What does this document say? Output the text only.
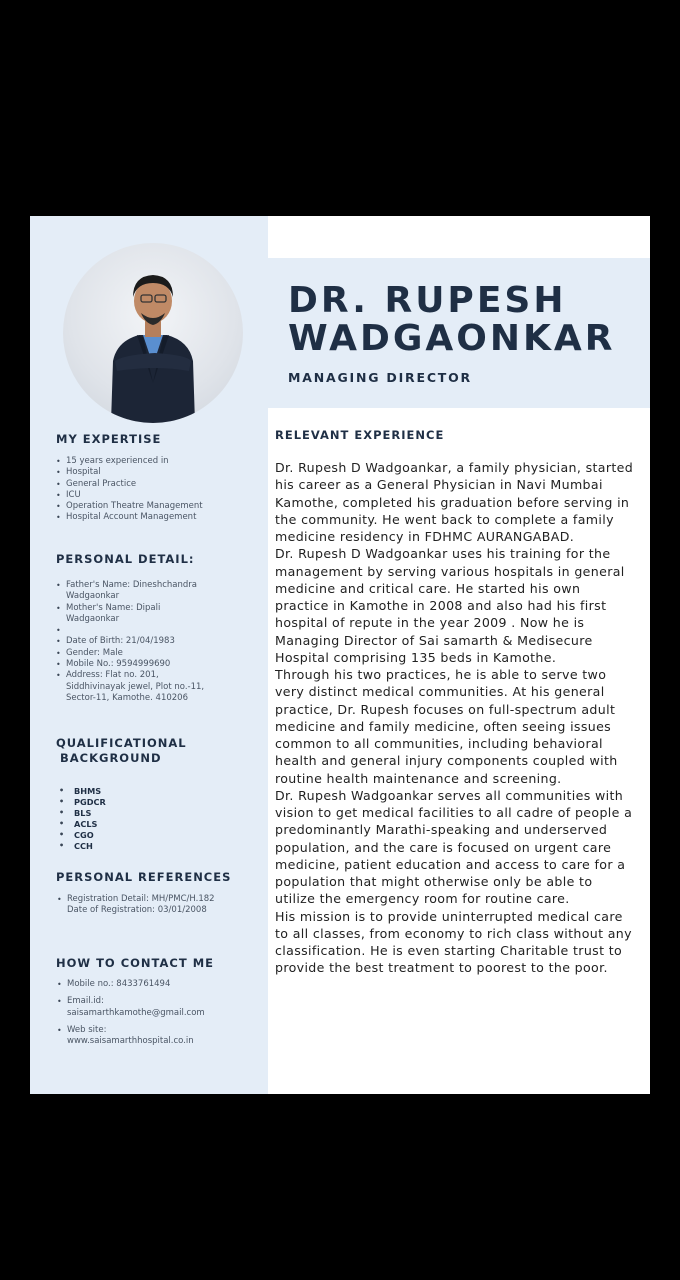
DR. RUPESH
WADGAONKAR
MANAGING DIRECTOR
MY EXPERTISE
• 15 years experienced in
• Hospital
• General Practice
• ICU
• Operation Theatre Management
• Hospital Account Management
PERSONAL DETAIL:
• Father's Name: Dineshchandra Wadgaonkar
• Mother's Name: Dipali Wadgaonkar
•
• Date of Birth: 21/04/1983
• Gender: Male
• Mobile No.: 9594999690
• Address: Flat no. 201, Siddhivinayak jewel, Plot no.-11, Sector-11, Kamothe. 410206
QUALIFICATIONAL
BACKGROUND
• BHMS
• PGDCR
• BLS
• ACLS
• CGO
• CCH
PERSONAL REFERENCES
• Registration Detail: MH/PMC/H.182
Date of Registration: 03/01/2008
HOW TO CONTACT ME
• Mobile no.: 8433761494
• Email.id:
saisamarthkamothe@gmail.com
• Web site:
www.saisamarthhospital.co.in
RELEVANT EXPERIENCE

Dr. Rupesh D Wadgoankar, a family physician, started his career as a General Physician in Navi Mumbai Kamothe, completed his graduation before serving in the community. He went back to complete a family medicine residency in FDHMC AURANGABAD.

Dr. Rupesh D Wadgoankar uses his training for the management by serving various hospitals in general medicine and critical care. He started his own practice in Kamothe in 2008 and also had his first hospital of repute in the year 2009 . Now he is Managing Director of Sai samarth & Medisecure Hospital comprising 135 beds in Kamothe.

Through his two practices, he is able to serve two very distinct medical communities. At his general practice, Dr. Rupesh focuses on full-spectrum adult medicine and family medicine, often seeing issues common to all communities, including behavioral health and general injury components coupled with routine health maintenance and screening.

Dr. Rupesh Wadgoankar serves all communities with vision to get medical facilities to all cadre of people a predominantly Marathi-speaking and underserved population, and the care is focused on urgent care medicine, patient education and access to care for a population that might otherwise only be able to utilize the emergency room for routine care.

His mission is to provide uninterrupted medical care to all classes, from economy to rich class without any classification. He is even starting Charitable trust to provide the best treatment to poorest to the poor.
